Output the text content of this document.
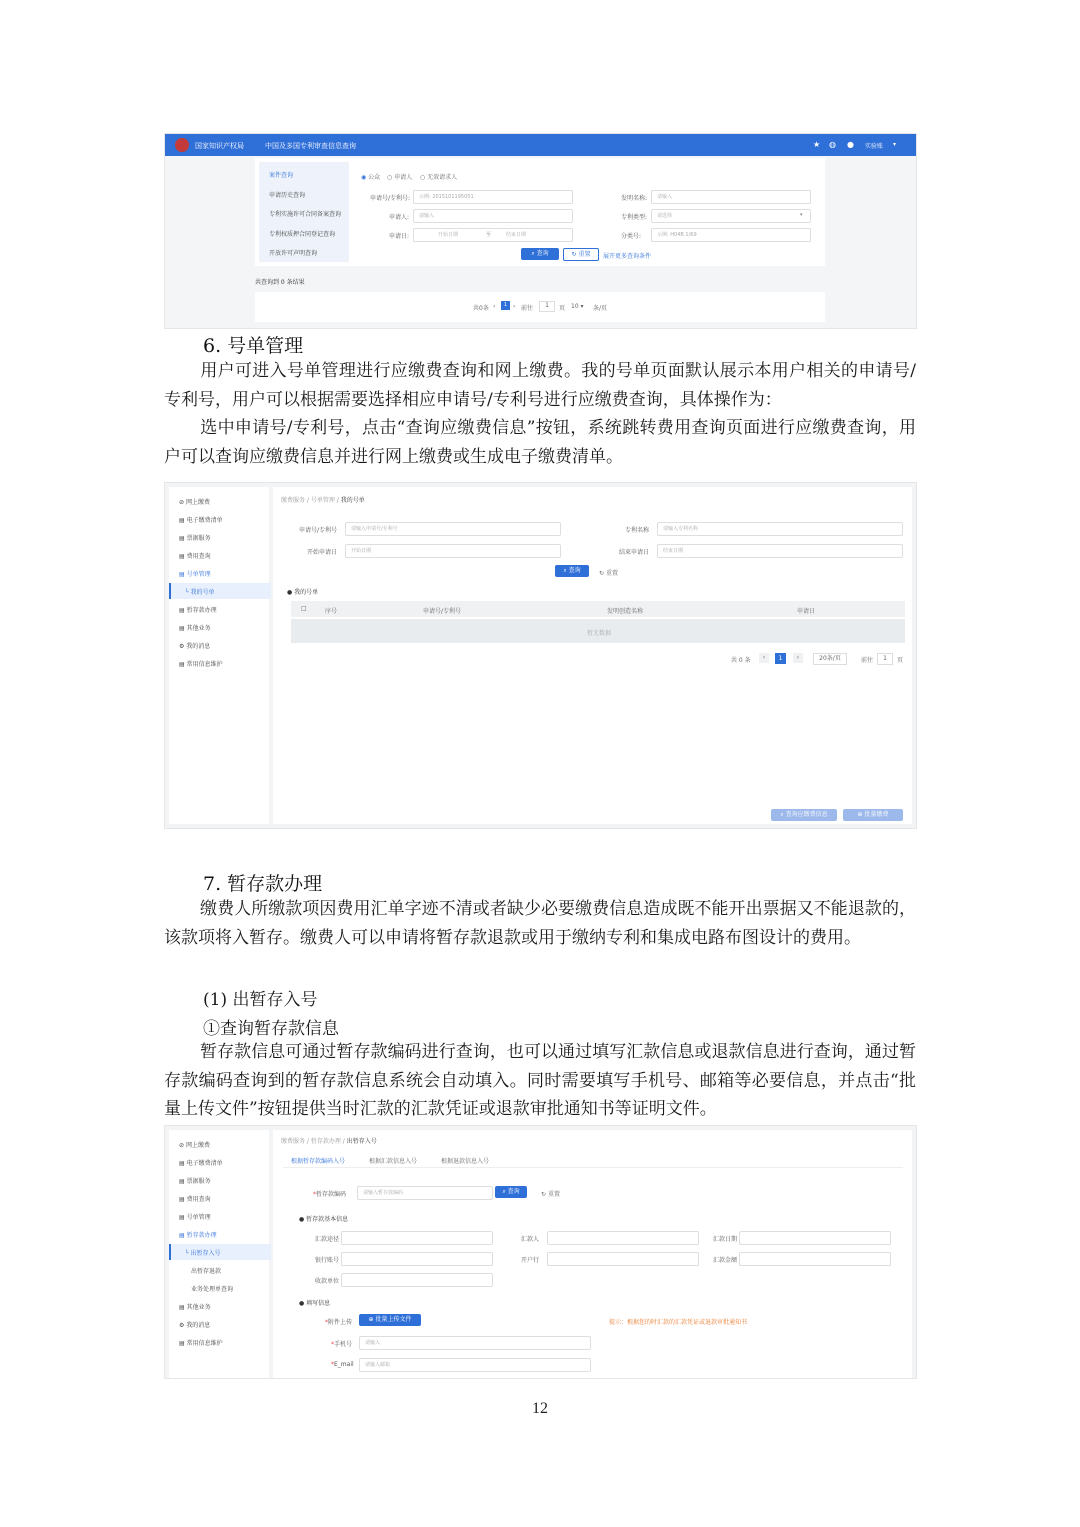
国家知识产权局	中国及多国专利审查信息查询	★ ◍ ● 实验账 ▾
案件查询
申请历史查询
专利实施许可合同备案查询
专利权质押合同登记查询
开放许可声明查询
◉ 公众 ○ 申请人 ○ 无效请求人
申请号/专利号: 示例: 2015101195051	发明名称: 请输入
申请人: 请输入	专利类型: 请选择	▾
申请日:	开始日期	至	结束日期	分类号:	示例: H04B 1/69
⌕ 查询	↻ 重置	展开更多查询条件
共查询到 0 条结果
共0条 ‹	1 › 前往	1	页 10 ▾ 条/页
6. 号单管理

用户可进入号单管理进行应缴费查询和网上缴费。我的号单页面默认展示本用户相关的申请号/专利号，用户可以根据需要选择相应申请号/专利号进行应缴费查询，具体操作为：

选中申请号/专利号，点击“查询应缴费信息”按钮，系统跳转费用查询页面进行应缴费查询，用户可以查询应缴费信息并进行网上缴费或生成电子缴费清单。

⊘ 网上缴费
▤ 电子缴费清单
▤ 票据服务
▤ 费用查询
▤ 号单管理
└ 我的号单
▤ 暂存款办理
▤ 其他业务
⚙ 我的消息
▤ 常用信息维护
缴费服务 / 号单管理 / 我的号单
申请号/专利号	请输入申请号/专利号	专利名称	请输入专利名称
开始申请日	开始日期	结束申请日	结束日期
⌕ 查询	↻ 重置
● 我的号单
□	序号	申请号/专利号	发明创造名称	申请日
暂无数据
共 0 条	‹	1	›	20条/页	前往	1	页
⌕ 查询应缴费信息	⊕ 批量缴费
7. 暂存款办理

缴费人所缴款项因费用汇单字迹不清或者缺少必要缴费信息造成既不能开出票据又不能退款的，该款项将入暂存。缴费人可以申请将暂存款退款或用于缴纳专利和集成电路布图设计的费用。

(1) 出暂存入号
①查询暂存款信息

暂存款信息可通过暂存款编码进行查询，也可以通过填写汇款信息或退款信息进行查询，通过暂存款编码查询到的暂存款信息系统会自动填入。同时需要填写手机号、邮箱等必要信息，并点击“批量上传文件”按钮提供当时汇款的汇款凭证或退款审批通知书等证明文件。

⊘ 网上缴费
▤ 电子缴费清单
▤ 票据服务
▤ 费用查询
▤ 号单管理
▤ 暂存款办理
└ 出暂存入号
出暂存退款
业务处理单查询
▤ 其他业务
⚙ 我的消息
▤ 常用信息维护
缴费服务 / 暂存款办理 / 出暂存入号
根据暂存款编码入号	根据汇款信息入号	根据退款信息入号
*暂存款编码	请输入暂存款编码	⌕ 查询	↻ 重置
● 暂存款基本信息
汇款途径	汇款人	汇款日期
银行账号	开户行	汇款金额
收款单位
● 填写信息
*附件上传	⊕ 批量上传文件	提示：根据您的时汇款的汇款凭证或退款审批通知书
*手机号	请输入
*E_mail 请输入邮箱
12
